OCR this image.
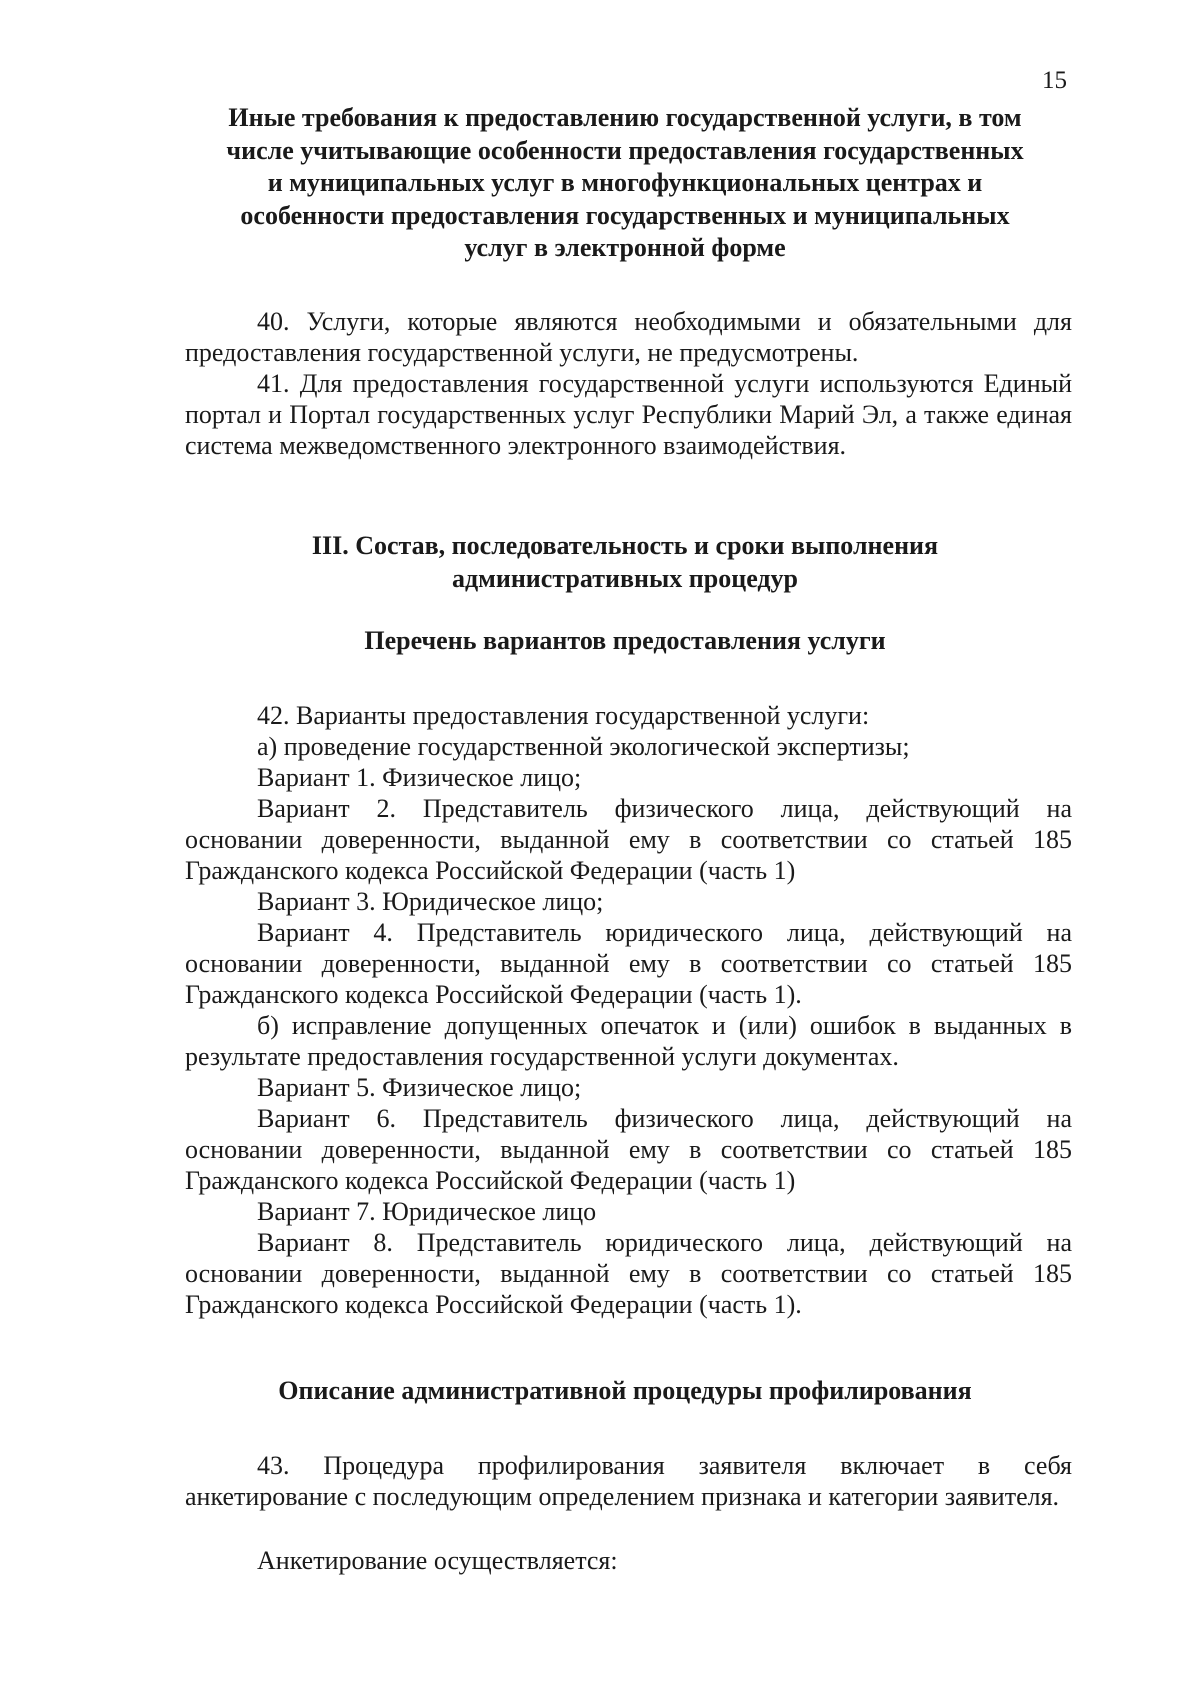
15
Иные требования к предоставлению государственной услуги, в том
числе учитывающие особенности предоставления государственных
и муниципальных услуг в многофункциональных центрах и
особенности предоставления государственных и муниципальных
услуг в электронной форме

40. Услуги, которые являются необходимыми и обязательными для предоставления государственной услуги, не предусмотрены.

41. Для предоставления государственной услуги используются Единый портал и Портал государственных услуг Республики Марий Эл, а также единая система межведомственного электронного взаимодействия.

III. Состав, последовательность и сроки выполнения
административных процедур
Перечень вариантов предоставления услуги

42. Варианты предоставления государственной услуги:

а) проведение государственной экологической экспертизы;

Вариант 1. Физическое лицо;

Вариант 2. Представитель физического лица, действующий на основании доверенности, выданной ему в соответствии со статьей 185 Гражданского кодекса Российской Федерации (часть 1)

Вариант 3. Юридическое лицо;

Вариант 4. Представитель юридического лица, действующий на основании доверенности, выданной ему в соответствии со статьей 185 Гражданского кодекса Российской Федерации (часть 1).

б) исправление допущенных опечаток и (или) ошибок в выданных в результате предоставления государственной услуги документах.

Вариант 5. Физическое лицо;

Вариант 6. Представитель физического лица, действующий на основании доверенности, выданной ему в соответствии со статьей 185 Гражданского кодекса Российской Федерации (часть 1)

Вариант 7. Юридическое лицо

Вариант 8. Представитель юридического лица, действующий на основании доверенности, выданной ему в соответствии со статьей 185 Гражданского кодекса Российской Федерации (часть 1).

Описание административной процедуры профилирования

43. Процедура профилирования заявителя включает в себя анкетирование с последующим определением признака и категории заявителя.

Анкетирование осуществляется:
